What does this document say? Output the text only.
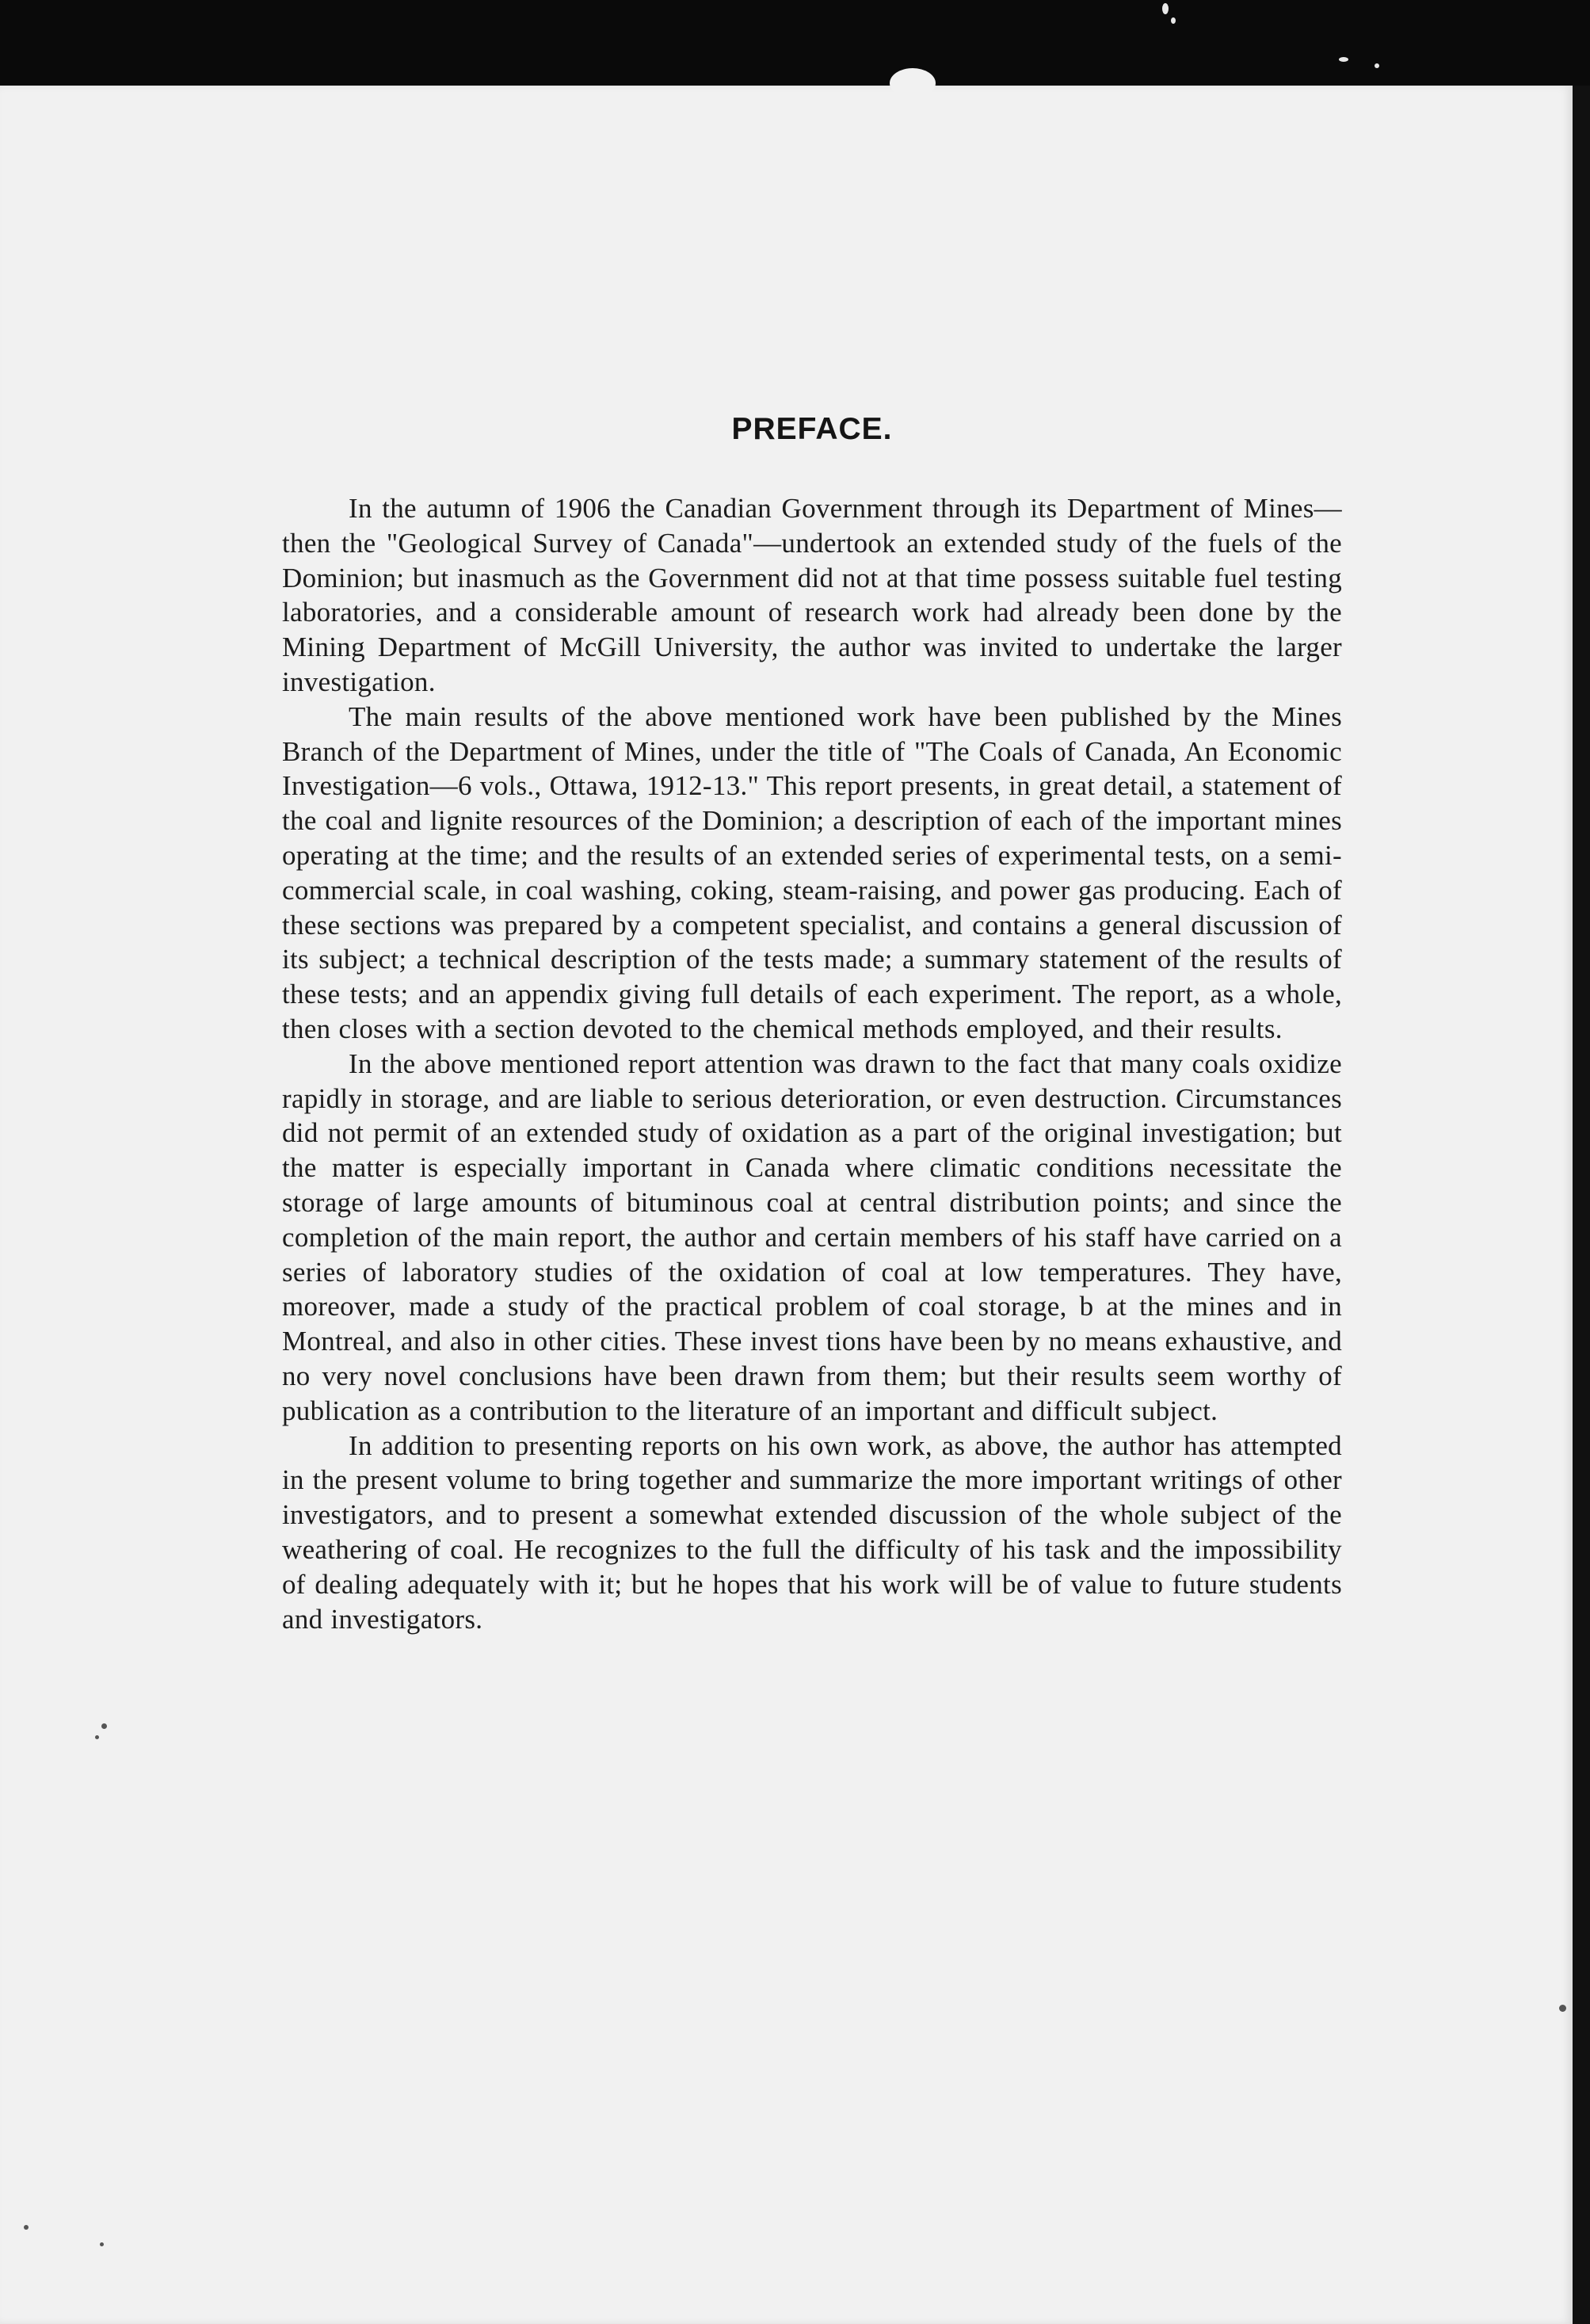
PREFACE.

In the autumn of 1906 the Canadian Government through its Department of Mines—then the "Geological Survey of Canada"—undertook an extended study of the fuels of the Dominion; but inasmuch as the Government did not at that time possess suitable fuel testing laboratories, and a considerable amount of research work had already been done by the Mining Department of McGill University, the author was invited to undertake the larger investigation.

The main results of the above mentioned work have been published by the Mines Branch of the Department of Mines, under the title of "The Coals of Canada, An Economic Investigation—6 vols., Ottawa, 1912-13." This report presents, in great detail, a statement of the coal and lignite resources of the Dominion; a description of each of the important mines operating at the time; and the results of an extended series of experimental tests, on a semi-commercial scale, in coal washing, coking, steam-raising, and power gas producing. Each of these sections was prepared by a competent specialist, and contains a general discussion of its subject; a technical description of the tests made; a summary statement of the results of these tests; and an appendix giving full details of each experiment. The report, as a whole, then closes with a section devoted to the chemical methods employed, and their results.

In the above mentioned report attention was drawn to the fact that many coals oxidize rapidly in storage, and are liable to serious deterioration, or even destruction. Circumstances did not permit of an extended study of oxidation as a part of the original investigation; but the matter is especially important in Canada where climatic conditions necessitate the storage of large amounts of bituminous coal at central distribution points; and since the completion of the main report, the author and certain members of his staff have carried on a series of laboratory studies of the oxidation of coal at low temperatures. They have, moreover, made a study of the practical problem of coal storage, b at the mines and in Montreal, and also in other cities. These invest tions have been by no means exhaustive, and no very novel conclusions have been drawn from them; but their results seem worthy of publication as a contribution to the literature of an important and difficult subject.

In addition to presenting reports on his own work, as above, the author has attempted in the present volume to bring together and summarize the more important writings of other investigators, and to present a somewhat extended discussion of the whole subject of the weathering of coal. He recognizes to the full the difficulty of his task and the impossibility of dealing adequately with it; but he hopes that his work will be of value to future students and investigators.
